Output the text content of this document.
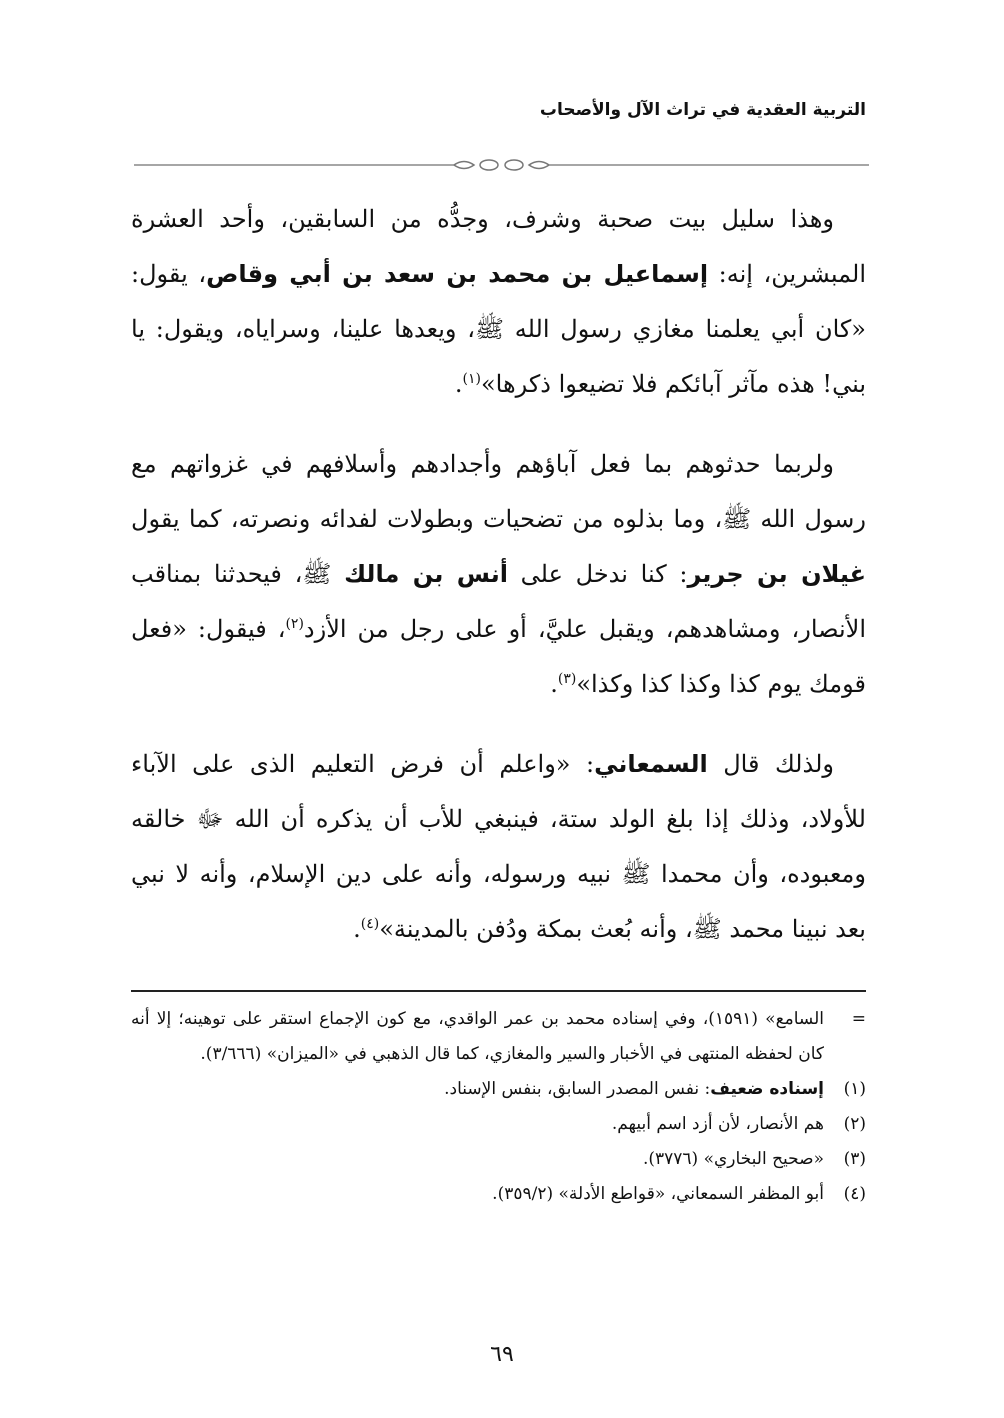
التربية العقدية في تراث الآل والأصحاب

وهذا سليل بيت صحبة وشرف، وجدُّه من السابقين، وأحد العشرة المبشرين، إنه: إسماعيل بن محمد بن سعد بن أبي وقاص، يقول: «كان أبي يعلمنا مغازي رسول الله ﷺ، ويعدها علينا، وسراياه، ويقول: يا بني! هذه مآثر آبائكم فلا تضيعوا ذكرها»$^{(١)}$.

ولربما حدثوهم بما فعل آباؤهم وأجدادهم وأسلافهم في غزواتهم مع رسول الله ﷺ، وما بذلوه من تضحيات وبطولات لفدائه ونصرته، كما يقول غيلان بن جرير: كنا ندخل على أنس بن مالك ﷺ، فيحدثنا بمناقب الأنصار، ومشاهدهم، ويقبل عليَّ، أو على رجل من الأزد$^{(٢)}$، فيقول: «فعل قومك يوم كذا وكذا كذا وكذا»$^{(٣)}$.

ولذلك قال السمعاني: «واعلم أن فرض التعليم الذى على الآباء للأولاد، وذلك إذا بلغ الولد ستة، فينبغي للأب أن يذكره أن الله ﷻ خالقه ومعبوده، وأن محمدا ﷺ نبيه ورسوله، وأنه على دين الإسلام، وأنه لا نبي بعد نبينا محمد ﷺ، وأنه بُعث بمكة ودُفن بالمدينة»$^{(٤)}$.

=
السامع» (١٥٩١)، وفي إسناده محمد بن عمر الواقدي، مع كون الإجماع استقر على توهينه؛ إلا أنه كان لحفظه المنتهى في الأخبار والسير والمغازي، كما قال الذهبي في «الميزان» (٣/٦٦٦).
(١)
إسناده ضعيف: نفس المصدر السابق، بنفس الإسناد.
(٢)
هم الأنصار، لأن أزد اسم أبيهم.
(٣)
«صحيح البخاري» (٣٧٧٦).
(٤)
أبو المظفر السمعاني، «قواطع الأدلة» (٣٥٩/٢).
٦٩
